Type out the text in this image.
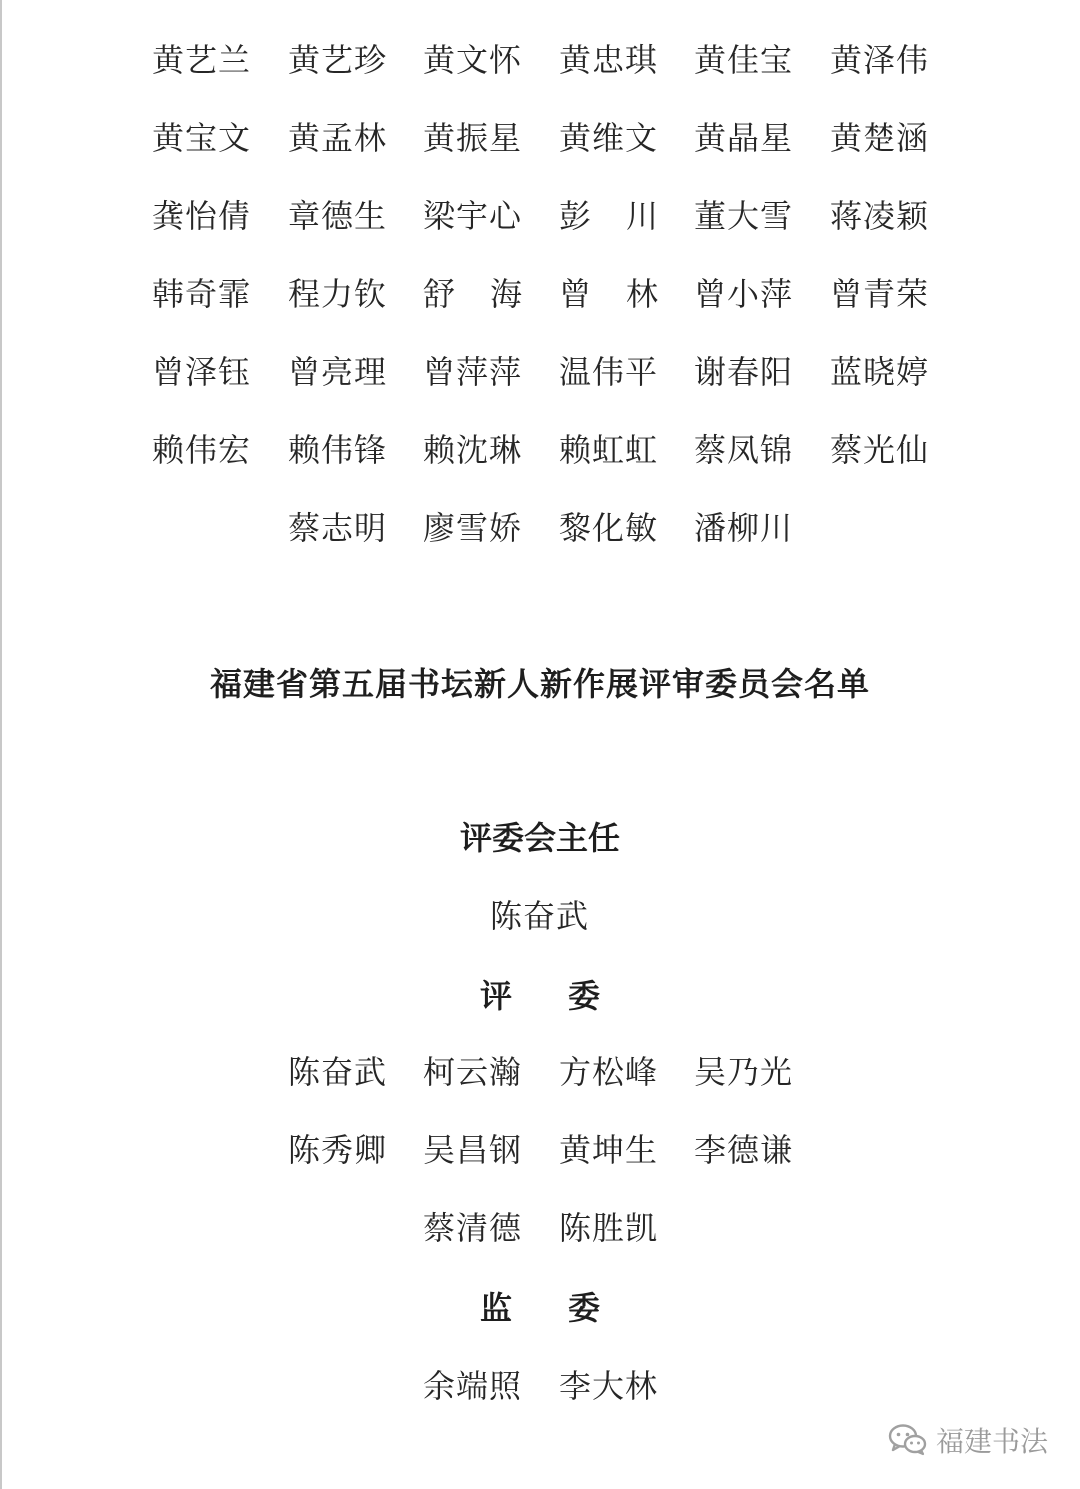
黄艺兰 黄艺珍 黄文怀 黄忠琪 黄佳宝 黄泽伟
黄宝文 黄孟林 黄振星 黄维文 黄晶星 黄楚涵
龚怡倩 章德生 梁宇心 彭 川 董大雪 蒋凌颖
韩奇霏 程力钦 舒 海 曾 林 曾小萍 曾青荣
曾泽钰 曾亮理 曾萍萍 温伟平 谢春阳 蓝晓婷
赖伟宏 赖伟锋 赖沈琳 赖虹虹 蔡凤锦 蔡光仙
蔡志明 廖雪娇 黎化敏 潘柳川
陈奋武
陈奋武 柯云瀚 方松峰 吴乃光
陈秀卿 吴昌钢 黄坤生 李德谦
蔡清德 陈胜凯
余端照 李大林
福建省第五届书坛新人新作展评审委员会名单
评委会主任
评 委
监 委
福建书法
